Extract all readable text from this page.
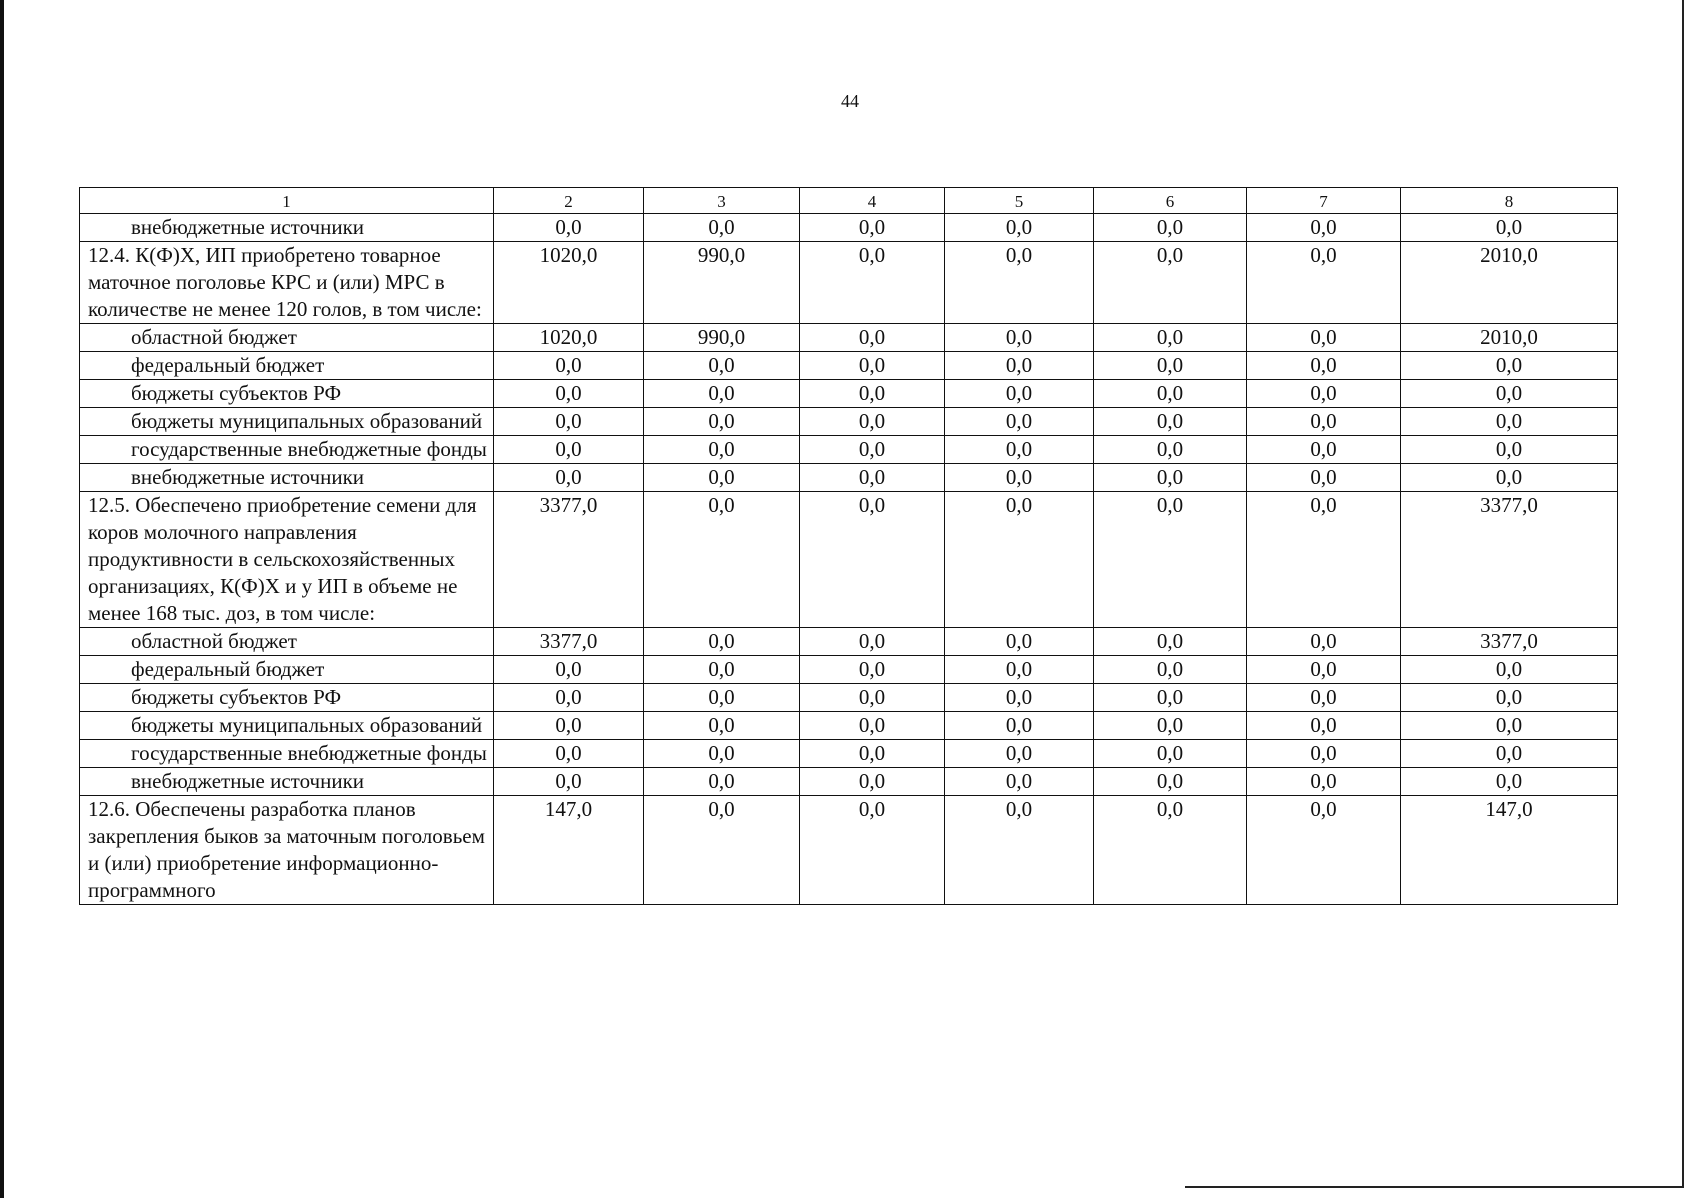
44
1	2	3	4	5	6	7	8
внебюджетные источники	0,0	0,0	0,0	0,0	0,0	0,0	0,0
12.4. К(Ф)Х, ИП приобретено товарное маточное поголовье КРС и (или) МРС в количестве не менее 120 голов, в том числе:	1020,0	990,0	0,0	0,0	0,0	0,0	2010,0
областной бюджет	1020,0	990,0	0,0	0,0	0,0	0,0	2010,0
федеральный бюджет	0,0	0,0	0,0	0,0	0,0	0,0	0,0
бюджеты субъектов РФ	0,0	0,0	0,0	0,0	0,0	0,0	0,0
бюджеты муниципальных образований	0,0	0,0	0,0	0,0	0,0	0,0	0,0
государственные внебюджетные фонды	0,0	0,0	0,0	0,0	0,0	0,0	0,0
внебюджетные источники	0,0	0,0	0,0	0,0	0,0	0,0	0,0
12.5. Обеспечено приобретение семени для коров молочного направления продуктивности в сельскохозяйственных организациях, К(Ф)Х и у ИП в объеме не менее 168 тыс. доз, в том числе:	3377,0	0,0	0,0	0,0	0,0	0,0	3377,0
областной бюджет	3377,0	0,0	0,0	0,0	0,0	0,0	3377,0
федеральный бюджет	0,0	0,0	0,0	0,0	0,0	0,0	0,0
бюджеты субъектов РФ	0,0	0,0	0,0	0,0	0,0	0,0	0,0
бюджеты муниципальных образований	0,0	0,0	0,0	0,0	0,0	0,0	0,0
государственные внебюджетные фонды	0,0	0,0	0,0	0,0	0,0	0,0	0,0
внебюджетные источники	0,0	0,0	0,0	0,0	0,0	0,0	0,0
12.6. Обеспечены разработка планов закрепления быков за маточным поголовьем и (или) приобретение информационно-программного	147,0	0,0	0,0	0,0	0,0	0,0	147,0
